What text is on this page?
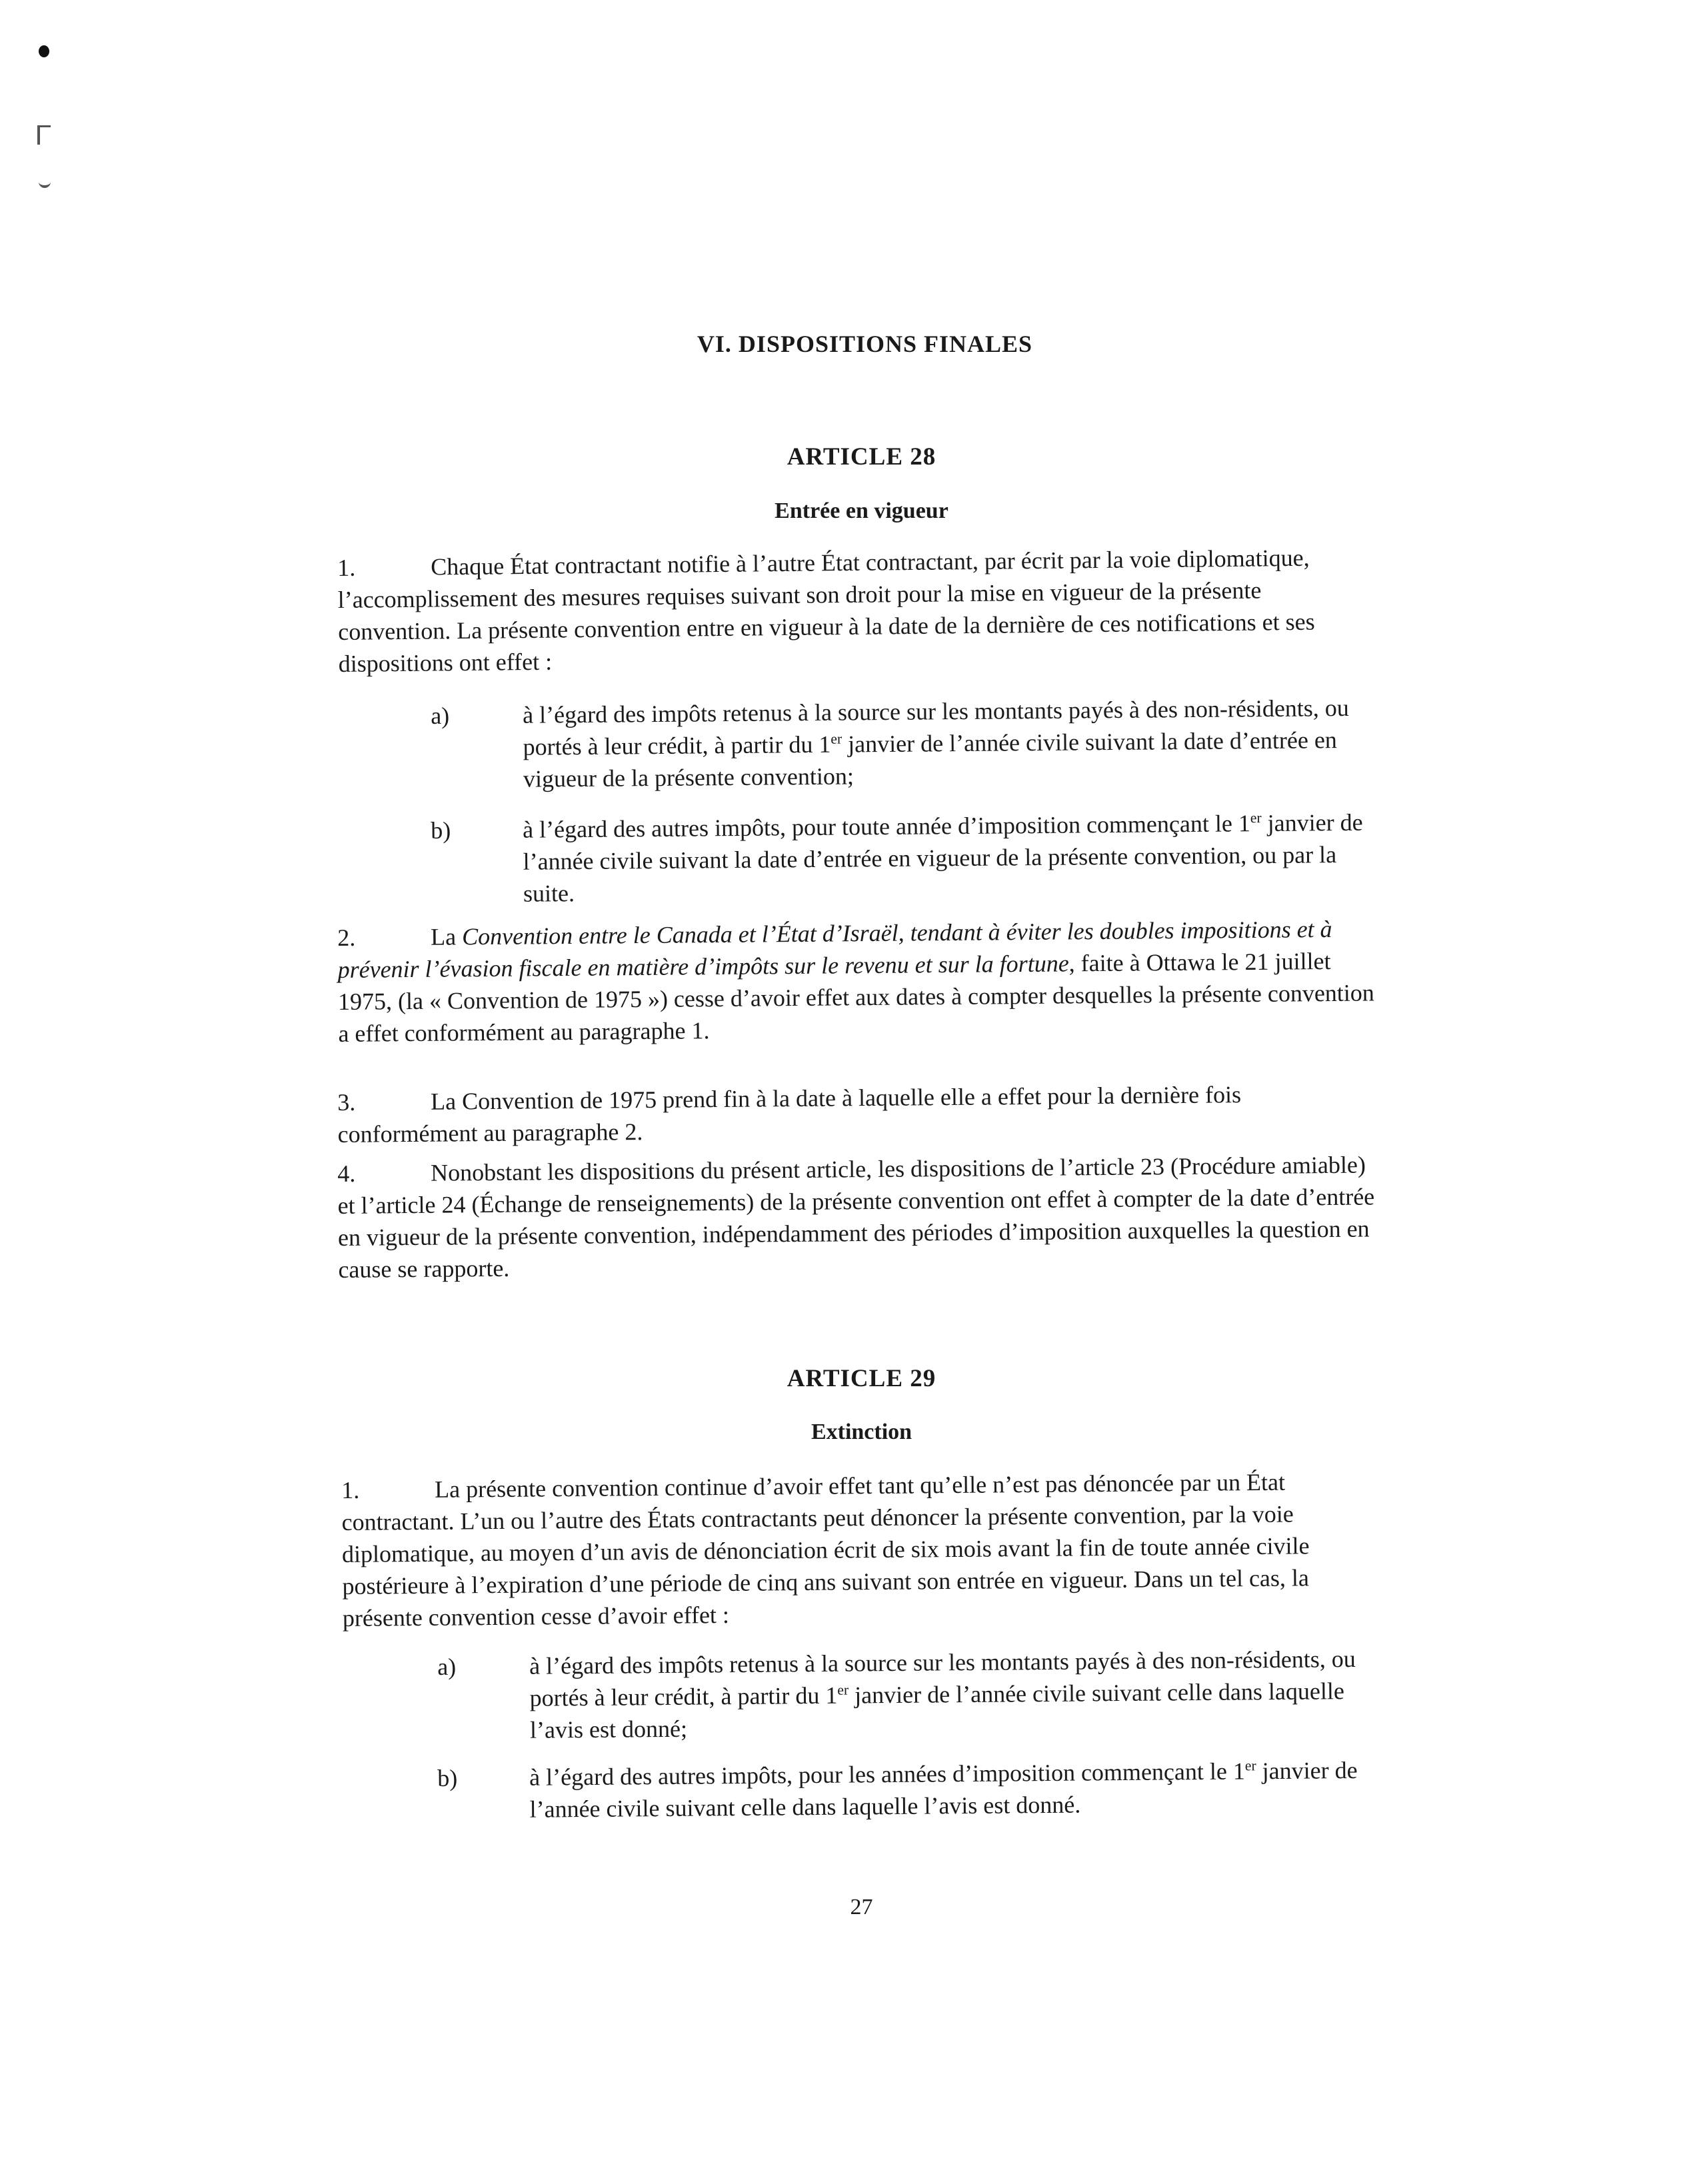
VI. DISPOSITIONS FINALES
ARTICLE 28
Entrée en vigueur
1.	Chaque État contractant notifie à l’autre État contractant, par écrit par la voie diplomatique, l’accomplissement des mesures requises suivant son droit pour la mise en vigueur de la présente convention. La présente convention entre en vigueur à la date de la dernière de ces notifications et ses dispositions ont effet :
a)	à l’égard des impôts retenus à la source sur les montants payés à des non-résidents, ou portés à leur crédit, à partir du 1er janvier de l’année civile suivant la date d’entrée en vigueur de la présente convention;
b)	à l’égard des autres impôts, pour toute année d’imposition commençant le 1er janvier de l’année civile suivant la date d’entrée en vigueur de la présente convention, ou par la suite.
2.	La Convention entre le Canada et l’État d’Israël, tendant à éviter les doubles impositions et à prévenir l’évasion fiscale en matière d’impôts sur le revenu et sur la fortune, faite à Ottawa le 21 juillet 1975, (la « Convention de 1975 ») cesse d’avoir effet aux dates à compter desquelles la présente convention a effet conformément au paragraphe 1.
3.	La Convention de 1975 prend fin à la date à laquelle elle a effet pour la dernière fois conformément au paragraphe 2.
4.	Nonobstant les dispositions du présent article, les dispositions de l’article 23 (Procédure amiable) et l’article 24 (Échange de renseignements) de la présente convention ont effet à compter de la date d’entrée en vigueur de la présente convention, indépendamment des périodes d’imposition auxquelles la question en cause se rapporte.
ARTICLE 29
Extinction
1.	La présente convention continue d’avoir effet tant qu’elle n’est pas dénoncée par un État contractant. L’un ou l’autre des États contractants peut dénoncer la présente convention, par la voie diplomatique, au moyen d’un avis de dénonciation écrit de six mois avant la fin de toute année civile postérieure à l’expiration d’une période de cinq ans suivant son entrée en vigueur. Dans un tel cas, la présente convention cesse d’avoir effet :
a)	à l’égard des impôts retenus à la source sur les montants payés à des non-résidents, ou portés à leur crédit, à partir du 1er janvier de l’année civile suivant celle dans laquelle l’avis est donné;
b)	à l’égard des autres impôts, pour les années d’imposition commençant le 1er janvier de l’année civile suivant celle dans laquelle l’avis est donné.
27
